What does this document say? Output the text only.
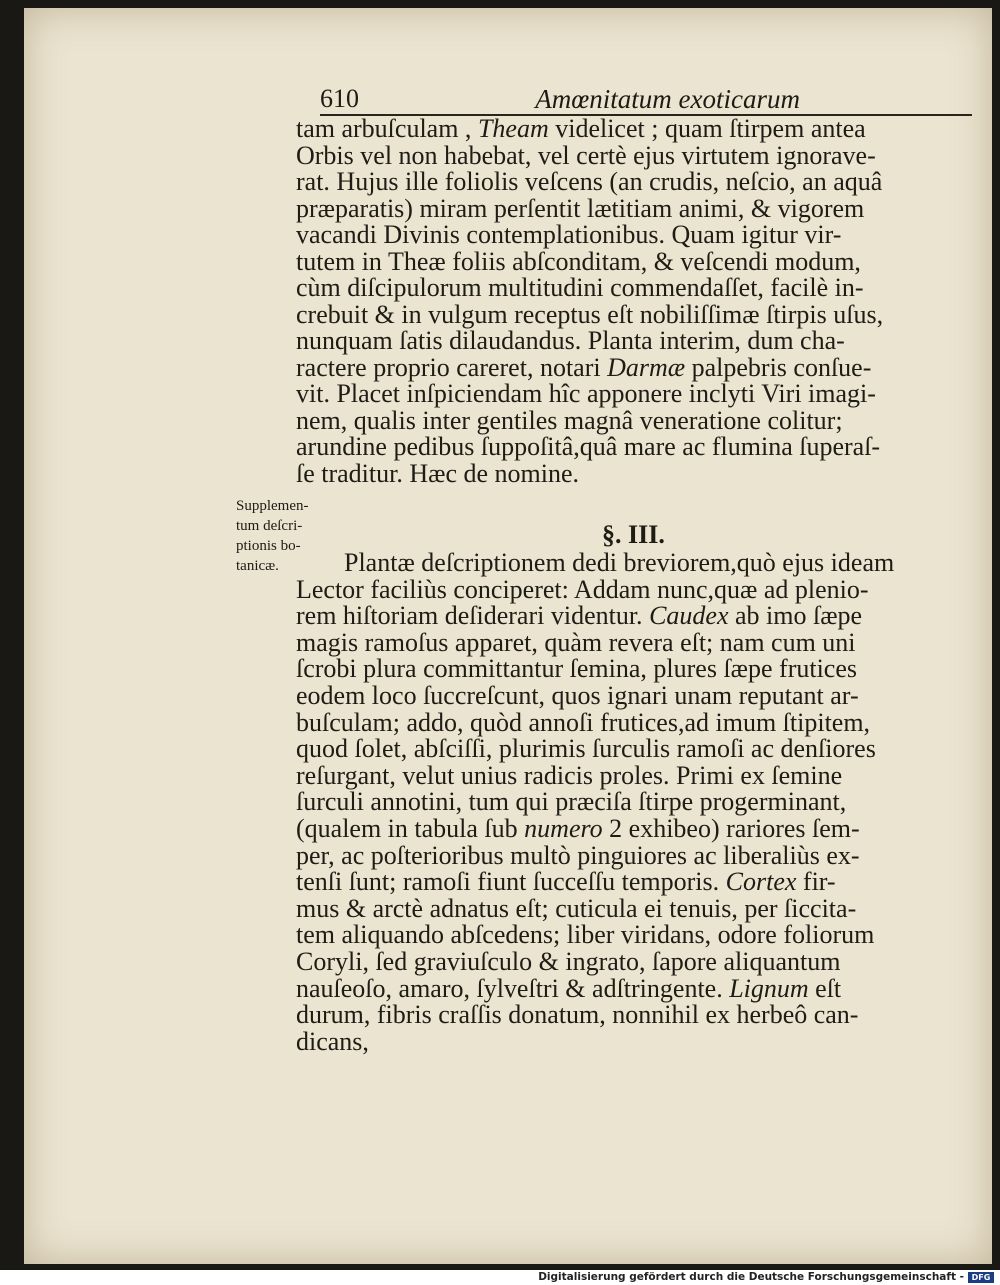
610	Amœnitatum exoticarum
tam arbuſculam , Theam videlicet ; quam ſtirpem antea
Orbis vel non habebat, vel certè ejus virtutem ignorave-
rat. Hujus ille foliolis veſcens (an crudis, neſcio, an aquâ
præparatis) miram perſentit lætitiam animi, & vigorem
vacandi Divinis contemplationibus. Quam igitur vir-
tutem in Theæ foliis abſconditam, & veſcendi modum,
cùm diſcipulorum multitudini commendaſſet, facilè in-
crebuit & in vulgum receptus eſt nobiliſſimæ ſtirpis uſus,
nunquam ſatis dilaudandus. Planta interim, dum cha-
ractere proprio careret, notari Darmæ palpebris conſue-
vit. Placet inſpiciendam hîc apponere inclyti Viri imagi-
nem, qualis inter gentiles magnâ veneratione colitur;
arundine pedibus ſuppoſitâ,quâ mare ac flumina ſuperaſ-
ſe traditur. Hæc de nomine.
§. III.
Supplemen-
tum deſcri-
ptionis bo-
tanicæ.	Plantæ deſcriptionem dedi breviorem,quò ejus ideam
Lector faciliùs conciperet: Addam nunc,quæ ad plenio-
rem hiſtoriam deſiderari videntur. Caudex ab imo ſæpe
magis ramoſus apparet, quàm revera eſt; nam cum uni
ſcrobi plura committantur ſemina, plures ſæpe frutices
eodem loco ſuccreſcunt, quos ignari unam reputant ar-
buſculam; addo, quòd annoſi frutices,ad imum ſtipitem,
quod ſolet, abſciſſi, plurimis ſurculis ramoſi ac denſiores
reſurgant, velut unius radicis proles. Primi ex ſemine
ſurculi annotini, tum qui præciſa ſtirpe progerminant,
(qualem in tabula ſub numero 2 exhibeo) rariores ſem-
per, ac poſterioribus multò pinguiores ac liberaliùs ex-
tenſi ſunt; ramoſi fiunt ſucceſſu temporis. Cortex fir-
mus & arctè adnatus eſt; cuticula ei tenuis, per ſiccita-
tem aliquando abſcedens; liber viridans, odore foliorum
Coryli, ſed graviuſculo & ingrato, ſapore aliquantum
nauſeoſo, amaro, ſylveſtri & adſtringente. Lignum eſt
durum, fibris craſſis donatum, nonnihil ex herbeô can-
dicans,
Digitalisierung gefördert durch die Deutsche Forschungsgemeinschaft - DFG
